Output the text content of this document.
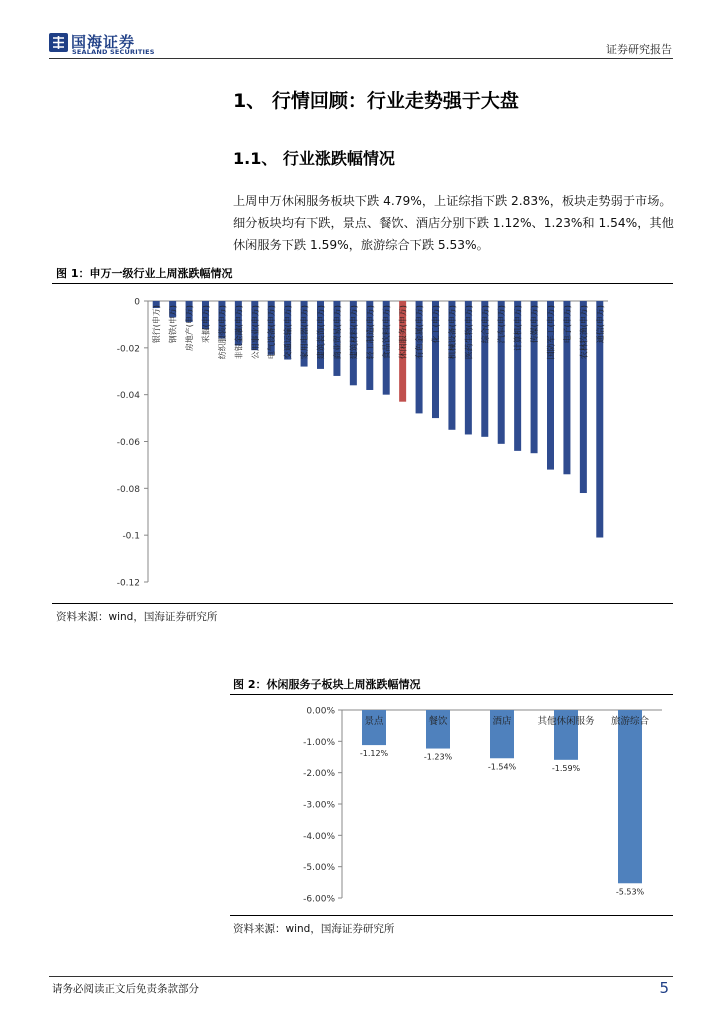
国海证券
SEALAND SECURITIES	证券研究报告
1、 行情回顾：行业走势强于大盘
1.1、 行业涨跌幅情况
上周申万休闲服务板块下跌 4.79%，上证综指下跌 2.83%，板块走势弱于市场。
细分板块均有下跌，景点、餐饮、酒店分别下跌 1.12%、1.23%和 1.54%，其他
休闲服务下跌 1.59%，旅游综合下跌 5.53%。
图 1：申万一级行业上周涨跌幅情况
0
-0.02
-0.04
-0.06
-0.08
-0.1
-0.12
银行(申万) 钢铁(申万) 房地产(申万) 采掘(申万) 纺织服装(申万) 非银金融(申万) 公用事业(申万) 电气设备(申万) 交通运输(申万) 家用电器(申万) 建筑装饰(申万) 商业贸易(申万) 建筑材料(申万) 轻工制造(申万) 食品饮料(申万) 休闲服务(申万) 有色金属(申万) 化工(申万) 机械设备(申万) 医药生物(申万) 综合(申万) 汽车(申万) 计算机(申万) 传媒(申万) 国防军工(申万) 电子(申万) 农林牧渔(申万) 通信(申万)
资料来源：wind，国海证券研究所
图 2：休闲服务子板块上周涨跌幅情况
0.00%
-1.00%
-2.00%
-3.00%
-4.00%
-5.00%
-6.00%
景点
-1.12%
餐饮
-1.23%
酒店
-1.54%
其他休闲服务
-1.59%
旅游综合
-5.53%
资料来源：wind，国海证券研究所
请务必阅读正文后免责条款部分	5
